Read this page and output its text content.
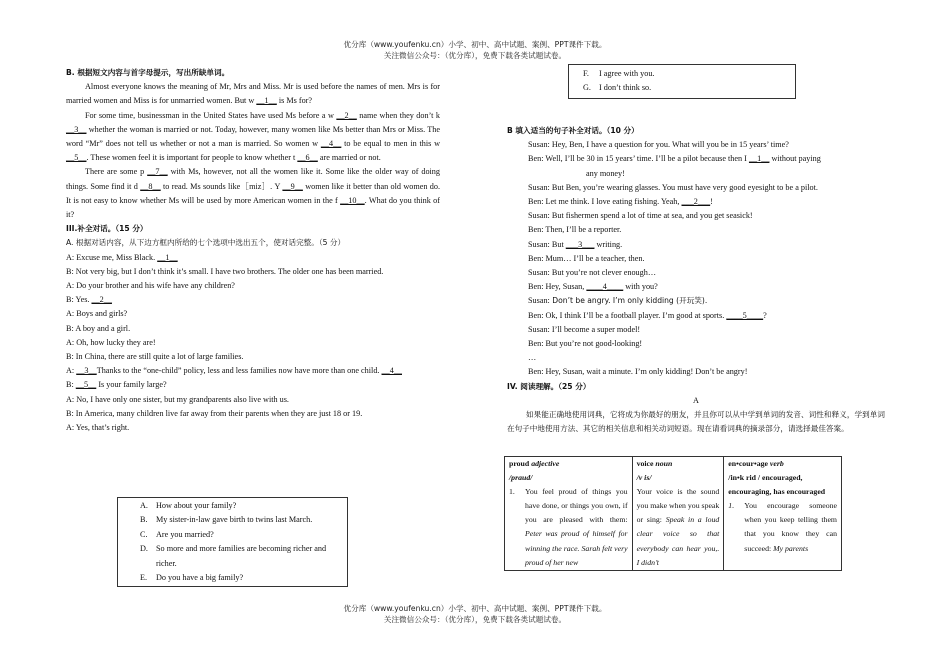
优分库（www.youfenku.cn）小学、初中、高中试题、案例、PPT课件下载。
关注微信公众号：（优分库），免费下载各类试题试卷。
优分库（www.youfenku.cn）小学、初中、高中试题、案例、PPT课件下载。
关注微信公众号：（优分库），免费下载各类试题试卷。
B. 根据短文内容与首字母提示，写出所缺单词。
Almost everyone knows the meaning of Mr, Mrs and Miss. Mr is used before the names of men. Mrs is for married women and Miss is for unmarried women. But w __1__ is Ms for?
For some time, businessman in the United States have used Ms before a w __2__ name when they don’t k __3__ whether the woman is married or not. Today, however, many women like Ms better than Mrs or Miss. The word “Mr” does not tell us whether or not a man is married. So women w __4__ to be equal to men in this w __5__. These women feel it is important for people to know whether t __6__ are married or not.
There are some p __7__ with Ms, however, not all the women like it. Some like the older way of doing things. Some find it d __8__ to read. Ms sounds like［miz］. Y __9__ women like it better than old women do. It is not easy to know whether Ms will be used by more American women in the f __10__. What do you think of it?
III.补全对话。（15 分）
A. 根据对话内容，从下边方框内所给的七个选项中选出五个，使对话完整。（5 分）
A: Excuse me, Miss Black. __1__
B: Not very big, but I don’t think it’s small. I have two brothers. The older one has been married.
A: Do your brother and his wife have any children?
B: Yes. __2__
A: Boys and girls?
B: A boy and a girl.
A: Oh, how lucky they are!
B: In China, there are still quite a lot of large families.
A: __3__Thanks to the “one-child” policy, less and less families now have more than one child. __4__
B: __5__ Is your family large?
A: No, I have only one sister, but my grandparents also live with us.
B: In America, many children live far away from their parents when they are just 18 or 19.
A: Yes, that’s right.
A. How about your family?
B.	My sister-in-law gave birth to twins last March.
C.	Are you married?
D. So more and more families are becoming richer and richer.
E.	Do you have a big family?
F.	I agree with you.
G. I don’t think so.
B 填入适当的句子补全对话。（10 分）
Susan: Hey, Ben, I have a question for you. What will you be in 15 years’ time?
Ben: Well, I’ll be 30 in 15 years’ time. I’ll be a pilot because then I __1__ without paying
any money!
Susan: But Ben, you’re wearing glasses. You must have very good eyesight to be a pilot.
Ben: Let me think. I love eating fishing. Yeah, ___2___!
Susan: But fishermen spend a lot of time at sea, and you get seasick!
Ben: Then, I’ll be a reporter.
Susan: But ___3___ writing.
Ben: Mum… I’ll be a teacher, then.
Susan: But you’re not clever enough…
Ben: Hey, Susan, ____4____ with you?
Susan: Don’t be angry. I’m only kidding (开玩笑).
Ben: Ok, I think I’ll be a football player. I’m good at sports. ____5____?
Susan: I’ll become a super model!
Ben: But you’re not good-looking!
…
Ben: Hey, Susan, wait a minute. I’m only kidding! Don’t be angry!
IV. 阅读理解。（25 分）
A
如果能正确地使用词典，它将成为你最好的朋友，并且你可以从中学到单词的发音、词性和释义，学到单词在句子中地使用方法、其它的相关信息和相关动词短语。现在请看词典的摘录部分，请选择最佳答案。
proud adjective
/praud/
1.	You feel proud of things you have done, or things you own, if you are pleased with them: Peter was proud of himself for winning the race. Sarah felt very proud of her new

voice noun
/v is/
Your voice is the sound you make when you speak or sing: Speak in a loud clear voice so that everybody can hear you,. I didn’t

en•cour•age verb
/in•k rid / encouraged, encouraging, has encouraged
1.	You encourage someone when you keep telling them that you know they can succeed: My parents
